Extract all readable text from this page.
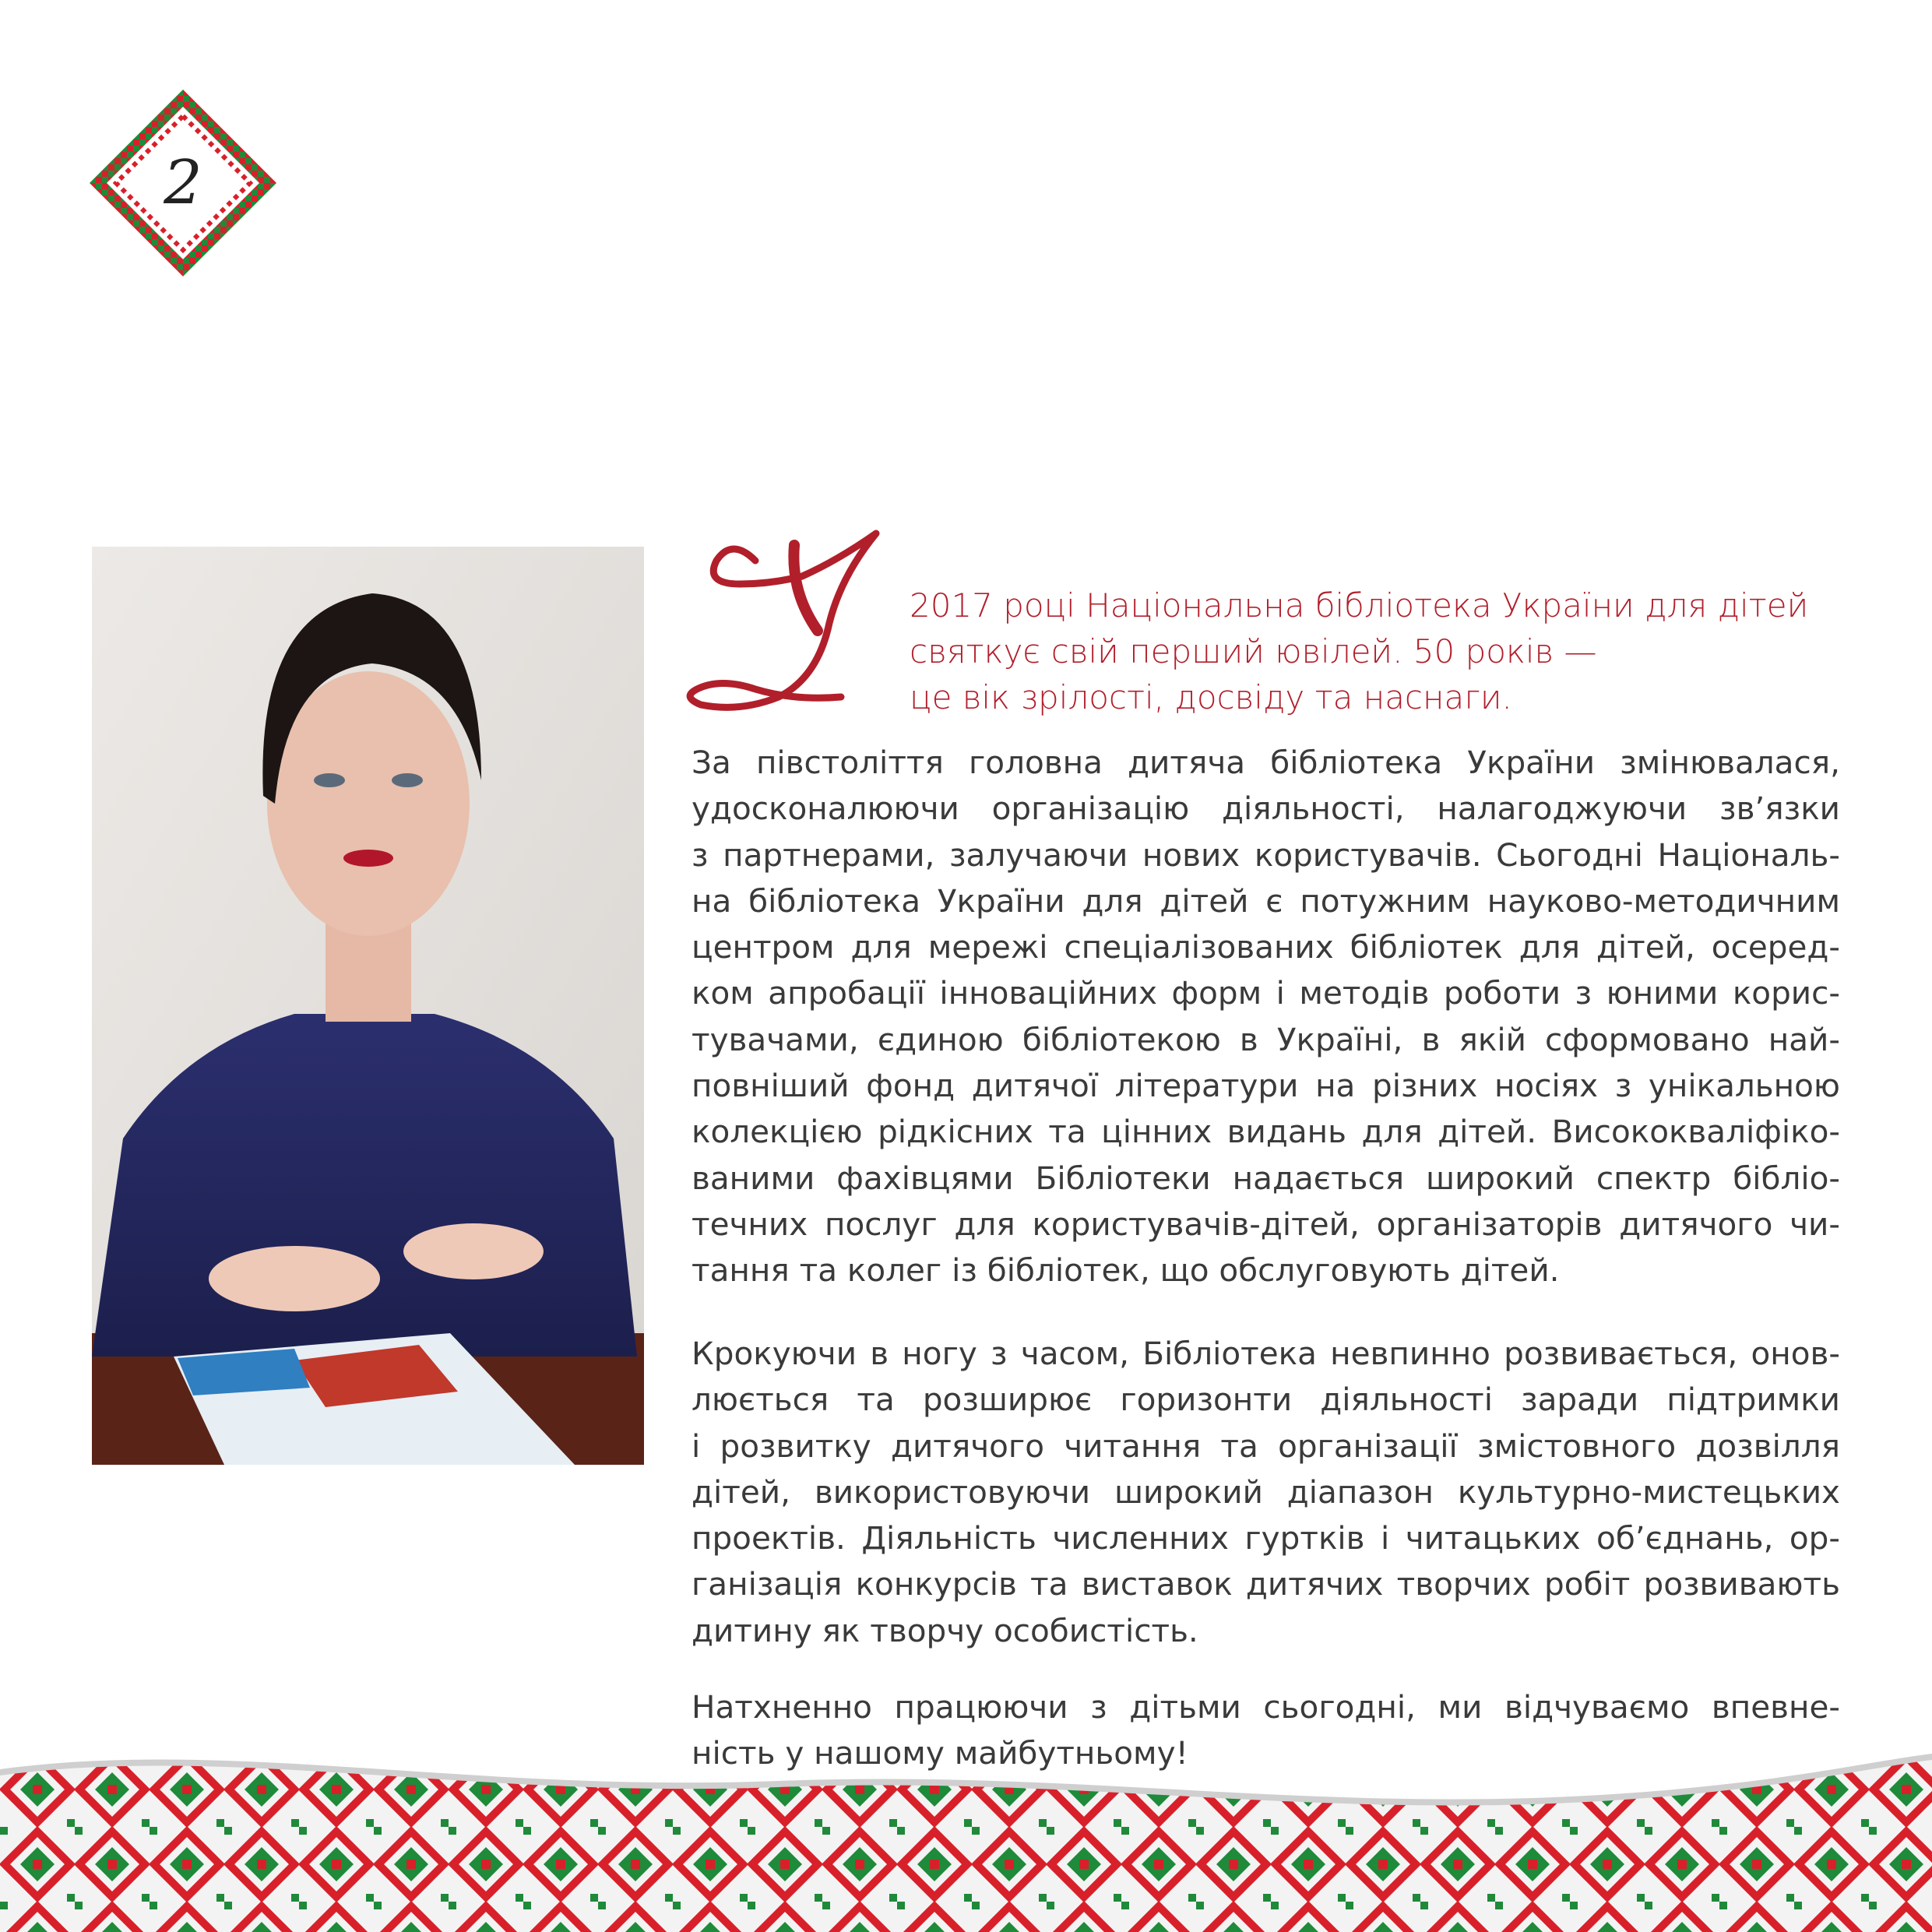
2
2017 році Національна бібліотека України для дітей
святкує свій перший ювілей. 50 років —
це вік зрілості, досвіду та наснаги.
За півстоліття головна дитяча бібліотека України змінювалася,
удосконалюючи організацію діяльності, налагоджуючи зв’язки
з партнерами, залучаючи нових користувачів. Сьогодні Національ-
на бібліотека України для дітей є потужним науково-методичним
центром для мережі спеціалізованих бібліотек для дітей, осеред-
ком апробації інноваційних форм і методів роботи з юними корис-
тувачами, єдиною бібліотекою в Україні, в якій сформовано най-
повніший фонд дитячої літератури на різних носіях з унікальною
колекцією рідкісних та цінних видань для дітей. Висококваліфіко-
ваними фахівцями Бібліотеки надається широкий спектр бібліо-
течних послуг для користувачів-дітей, організаторів дитячого чи-
тання та колег із бібліотек, що обслуговують дітей.
Крокуючи в ногу з часом, Бібліотека невпинно розвивається, онов-
люється та розширює горизонти діяльності заради підтримки
і розвитку дитячого читання та організації змістовного дозвілля
дітей, використовуючи широкий діапазон культурно-мистецьких
проектів. Діяльність численних гуртків і читацьких об’єднань, ор-
ганізація конкурсів та виставок дитячих творчих робіт розвивають
дитину як творчу особистість.
Натхненно працюючи з дітьми сьогодні, ми відчуваємо впевне-
ність у нашому майбутньому!
